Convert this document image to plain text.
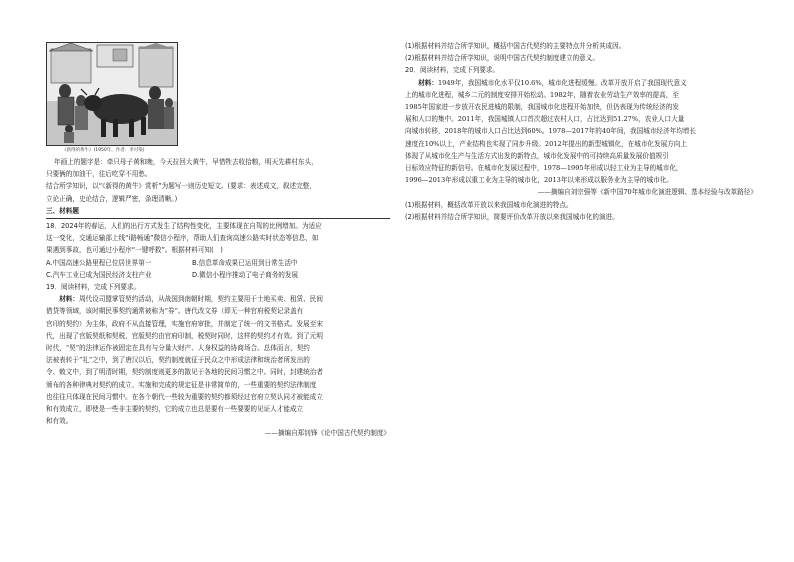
《新得的黄牛》(1950年，作者：李可染)

年画上的题字是：牵只母子黄和晚，今天拉回大黄牛，早惜牲去收拾粮，明天先耕村东头，

只要俩的加油干，往后吃穿不用愁。

结合所学知识，以“《新得的黄牛》赏析”为题写一则历史短文。(要求：表述成文，叙述完整，

立论正确，史论结合，逻辑严密，条理清晰。)

三、材料题

18．2024年的春运，人们的出行方式发生了结构性变化，主要体现在自驾的比例增加。为适应

这一变化，交通运输部上线“i路畅通”微信小程序，帮助人们查询高速公路实时状态等信息，如

果遇到事故，也可通过小程序“一键呼救”。根据材料可知(　)

A.中国高速公路里程已位居世界第一	B.信息革命成果已运用到日常生活中
C.汽车工业已成为国民经济支柱产业	D.微信小程序推动了电子商务的发展

19．阅读材料，完成下列要求。

材料：周代设司盟掌管契约活动，从战国到南朝时期，契约主要用于土地买卖、租赁、民间

借贷等领域，该时期民事契约通常被称为“券”。唐代改文券（即无一种官府税契记录盖有

官印的契约）为主体，政府不从直接管理，实施官府审批，并制定了统一的文书格式。发展至宋

代，出现了官版契纸和契税，官版契约由官府印制，税契时同时，这样的契约才有效。到了元明

时代，“契”的法律运作被固定在具有与分量大财产、人身权益的协商场合。总体而言，契约

法被表转于“礼”之中，到了唐汉以后，契约制度就征于民众之中形成法律和统治者所发出的

令、敕文中，到了明清时期，契约制度则更多的散见于各地的民间习惯之中。同时，封建统治者

颁布的各种律典对契约的成立、实施和完成的规定征是非常简单的，一些重要的契约法律制度

也往往只体现在民间习惯中。在各个朝代一些较为重要的契约都须经过官府立契认同才被能成立

和有效成立，即使是一些非主要的契约，它的成立也总是要有一些要要的见证人才能成立

和有效。

——摘编自郑钊锋《论中国古代契约制度》

(1)根据材料并结合所学知识，概括中国古代契约的主要特点并分析其成因。

(2)根据材料并结合所学知识，说明中国古代契约制度建立的意义。

20．阅读材料，完成下列要求。

材料：1949年，我国城市化水平仅10.6%，城市化进程缓慢。改革开放开启了我国现代意义

上的城市化进程，城乡二元的制度安排开始松动。1982年，随着农业劳动生产效率的提高，至

1985年国家进一步放开农民进城的限制，我国城市化进程开始加快，但仍表现为传统经济的发

展和人口的集中。2011年，我国城镇人口首次超过农村人口，占比达到51.27%，农业人口大量

向城市转移，2018年的城市人口占比达到60%。1978—2017年的40年间，我国城市经济年均增长

速度在10%以上，产业结构也实现了同步升级。2012年提出的新型城镇化，在城市化发展方向上

体现了从城市化生产与生活方式出发的新特点，城市化发展中的可持续高质量发展价值规引

日标效应特征的新信号。在城市化发展过程中，1978—1995年形成以轻工业为主导的城市化，

1996—2013年形成以重工业为主导的城市化，2013年以来形成以服务业为主导的城市化。

——摘编自刘宗强等《新中国70年城市化演进逻辑、基本经验与改革路径》

(1)根据材料，概括改革开放以来我国城市化演进的特点。

(2)根据材料并结合所学知识，简要评价改革开放以来我国城市化的演进。
